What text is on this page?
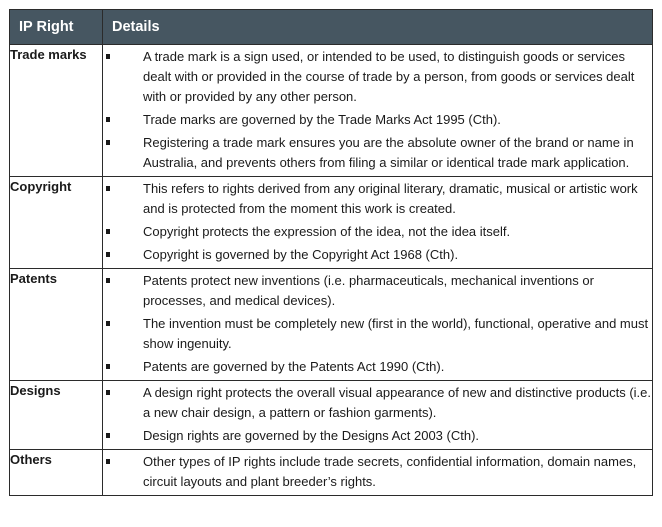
IP Right	Details
Trade marks	A trade mark is a sign used, or intended to be used, to distinguish goods or services dealt with or provided in the course of trade by a person, from goods or services dealt with or provided by any other person.
Trade marks are governed by the Trade Marks Act 1995 (Cth).
Registering a trade mark ensures you are the absolute owner of the brand or name in Australia, and prevents others from filing a similar or identical trade mark application.

Copyright	This refers to rights derived from any original literary, dramatic, musical or artistic work and is protected from the moment this work is created.
Copyright protects the expression of the idea, not the idea itself.
Copyright is governed by the Copyright Act 1968 (Cth).

Patents	Patents protect new inventions (i.e. pharmaceuticals, mechanical inventions or processes, and medical devices).
The invention must be completely new (first in the world), functional, operative and must show ingenuity.
Patents are governed by the Patents Act 1990 (Cth).

Designs	A design right protects the overall visual appearance of new and distinctive products (i.e. a new chair design, a pattern or fashion garments).
Design rights are governed by the Designs Act 2003 (Cth).

Others	Other types of IP rights include trade secrets, confidential information, domain names, circuit layouts and plant breeder’s rights.
